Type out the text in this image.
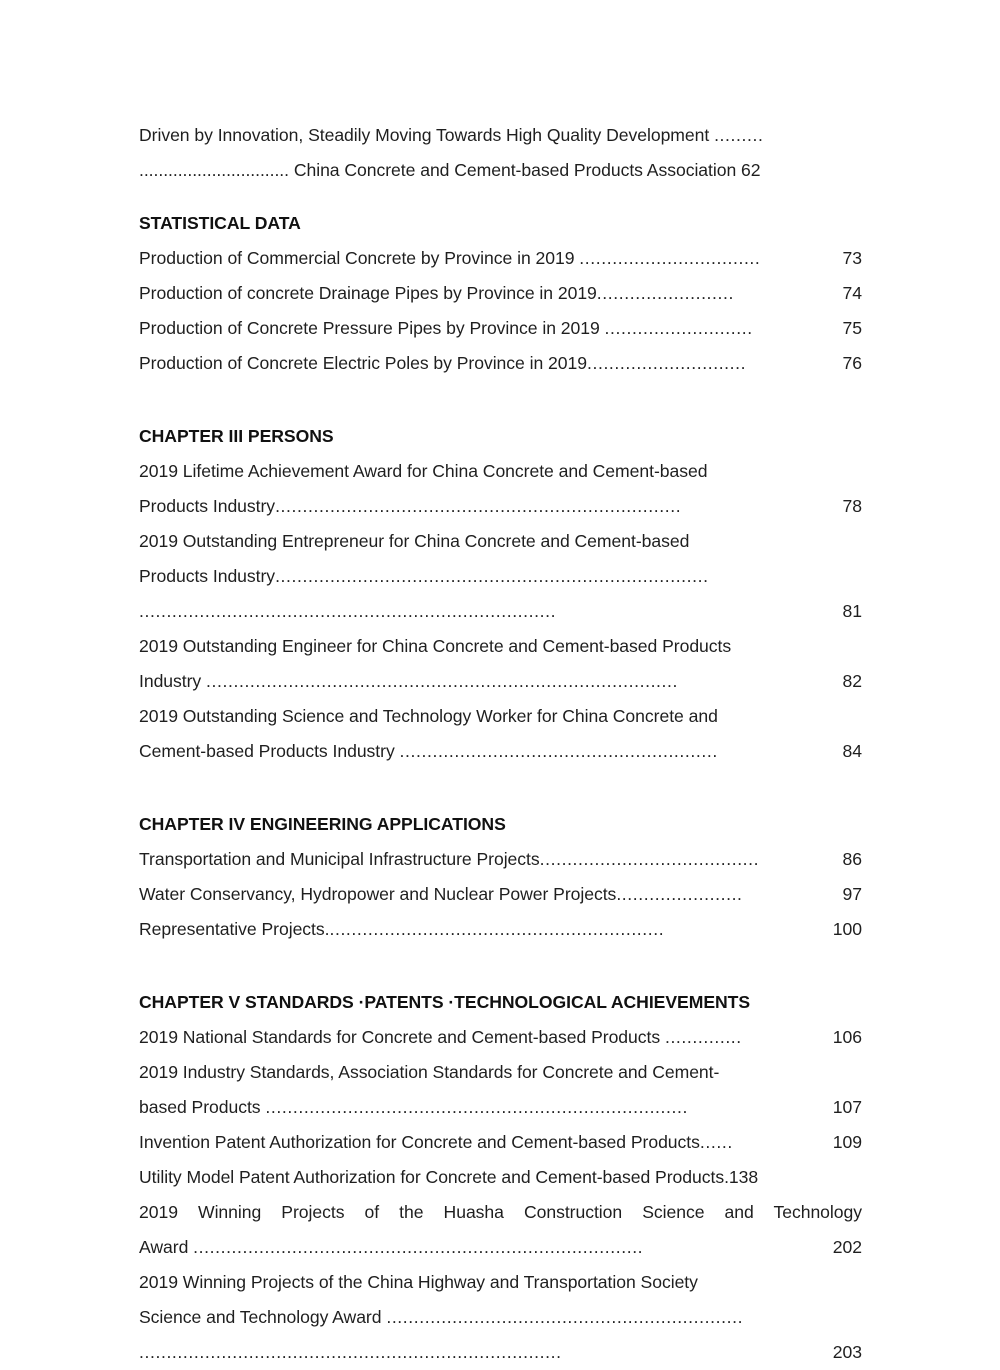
Driven by Innovation, Steadily Moving Towards High Quality Development .........
............................... China Concrete and Cement-based Products Association 62
STATISTICAL DATA
Production of Commercial Concrete by Province in 2019 .................................	73
Production of concrete Drainage Pipes by Province in 2019 .........................	74
Production of Concrete Pressure Pipes by Province in 2019 ...........................	75
Production of Concrete Electric Poles by Province in 2019 .............................	76
CHAPTER III PERSONS
2019 Lifetime Achievement Award for China Concrete and Cement-based
Products Industry ..........................................................................	78
2019 Outstanding Entrepreneur for China Concrete and Cement-based
Products Industry ...............................................................................
............................................................................	81
2019 Outstanding Engineer for China Concrete and Cement-based Products
Industry ......................................................................................	82
2019 Outstanding Science and Technology Worker for China Concrete and
Cement-based Products Industry ..........................................................	84
CHAPTER IV ENGINEERING APPLICATIONS
Transportation and Municipal Infrastructure Projects ........................................	86
Water Conservancy, Hydropower and Nuclear Power Projects .......................	97
Representative Projects. .............................................................	100
CHAPTER V STANDARDS ·PATENTS ·TECHNOLOGICAL ACHIEVEMENTS
2019 National Standards for Concrete and Cement-based Products ..............	106
2019 Industry Standards, Association Standards for Concrete and Cement-
based Products .............................................................................	107
Invention Patent Authorization for Concrete and Cement-based Products ......	109
Utility Model Patent Authorization for Concrete and Cement-based Products. 138
2019 Winning Projects of the Huasha Construction Science and Technology
Award ..................................................................................	202
2019 Winning Projects of the China Highway and Transportation Society
Science and Technology Award .................................................................
.............................................................................	203
